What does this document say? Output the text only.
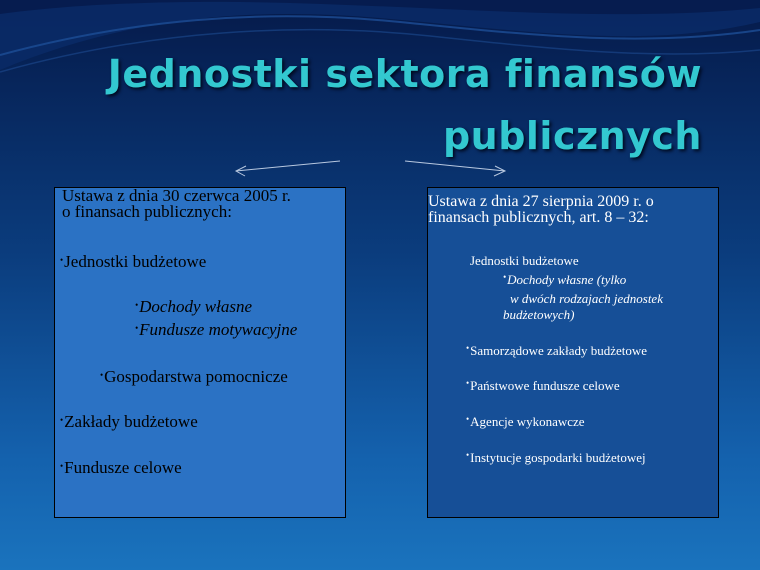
Jednostki sektora finansów
publicznych
Ustawa z dnia 30 czerwca 2005 r.
o finansach publicznych:
•Jednostki budżetowe
•Dochody własne
•Fundusze motywacyjne
•Gospodarstwa pomocnicze
•Zakłady budżetowe
•Fundusze celowe
Ustawa z dnia 27 sierpnia 2009 r. o
finansach publicznych, art. 8 – 32:
Jednostki budżetowe
•Dochody własne (tylko
w dwóch rodzajach jednostek
budżetowych)
•Samorządowe zakłady budżetowe
•Państwowe fundusze celowe
•Agencje wykonawcze
•Instytucje gospodarki budżetowej
